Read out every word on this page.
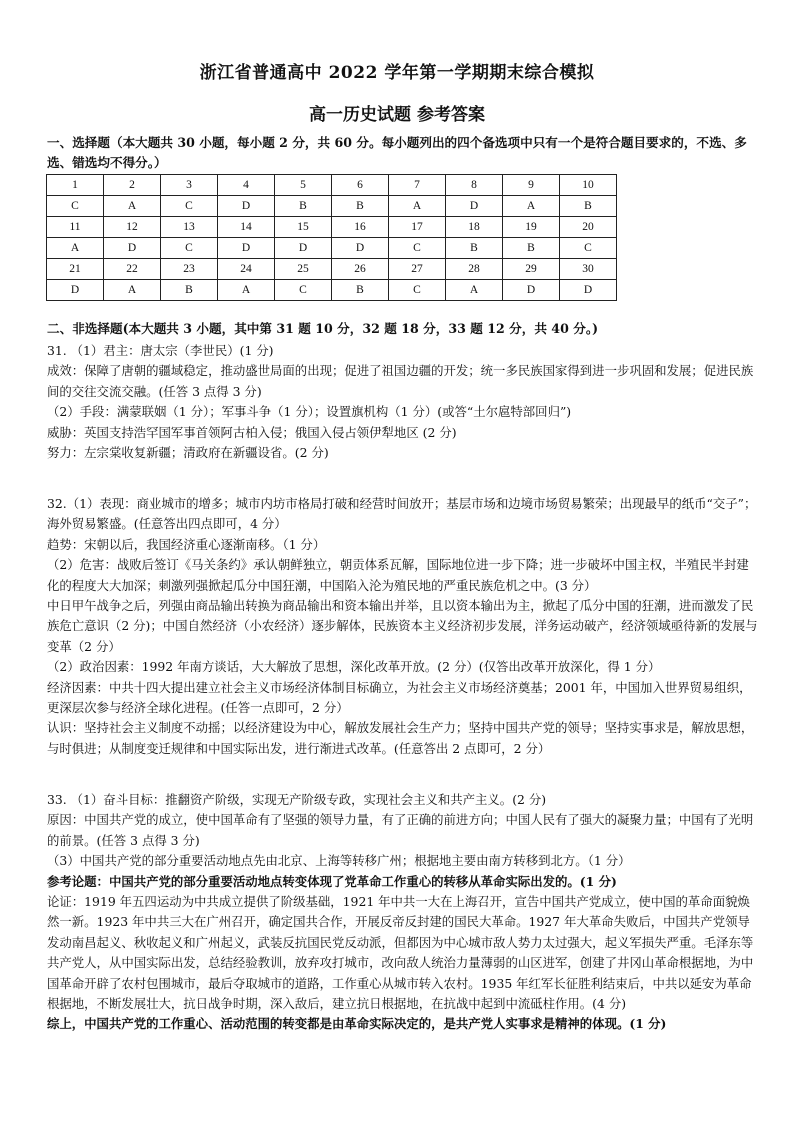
浙江省普通高中 2022 学年第一学期期末综合模拟
高一历史试题 参考答案
一、选择题（本大题共 30 小题，每小题 2 分，共 60 分。每小题列出的四个备选项中只有一个是符合题目要求的，不选、多选、错选均不得分。）
1	2	3	4	5	6	7	8	9	10
C	A	C	D	B	B	A	D	A	B
11	12	13	14	15	16	17	18	19	20
A	D	C	D	D	D	C	B	B	C
21	22	23	24	25	26	27	28	29	30
D	A	B	A	C	B	C	A	D	D
二、非选择题(本大题共 3 小题，其中第 31 题 10 分，32 题 18 分，33 题 12 分，共 40 分。)

31. （1）君主：唐太宗（李世民）(1 分)

成效：保障了唐朝的疆域稳定，推动盛世局面的出现；促进了祖国边疆的开发；统一多民族国家得到进一步巩固和发展；促进民族间的交往交流交融。(任答 3 点得 3 分)

（2）手段：满蒙联姻（1 分）；军事斗争（1 分）；设置旗机构（1 分）(或答“土尔扈特部回归”)

威胁：英国支持浩罕国军事首领阿古柏入侵；俄国入侵占领伊犁地区 (2 分)

努力：左宗棠收复新疆；清政府在新疆设省。(2 分)

32.（1）表现：商业城市的增多；城市内坊市格局打破和经营时间放开；基层市场和边境市场贸易繁荣；出现最早的纸币“交子”；海外贸易繁盛。(任意答出四点即可，4 分）

趋势：宋朝以后，我国经济重心逐渐南移。（1 分）

（2）危害：战败后签订《马关条约》承认朝鲜独立，朝贡体系瓦解，国际地位进一步下降；进一步破坏中国主权，半殖民半封建化的程度大大加深；刺激列强掀起瓜分中国狂潮，中国陷入沦为殖民地的严重民族危机之中。(3 分）

中日甲午战争之后，列强由商品输出转换为商品输出和资本输出并举，且以资本输出为主，掀起了瓜分中国的狂潮，进而激发了民族危亡意识（2 分)；中国自然经济（小农经济）逐步解体，民族资本主义经济初步发展，洋务运动破产，经济领域亟待新的发展与变革（2 分）

（2）政治因素：1992 年南方谈话，大大解放了思想，深化改革开放。(2 分）(仅答出改革开放深化，得 1 分）

经济因素：中共十四大提出建立社会主义市场经济体制目标确立，为社会主义市场经济奠基；2001 年，中国加入世界贸易组织，更深层次参与经济全球化进程。(任答一点即可，2 分）

认识：坚持社会主义制度不动摇；以经济建设为中心，解放发展社会生产力；坚持中国共产党的领导；坚持实事求是，解放思想，与时俱进；从制度变迁规律和中国实际出发，进行渐进式改革。(任意答出 2 点即可，2 分）

33. （1）奋斗目标：推翻资产阶级，实现无产阶级专政，实现社会主义和共产主义。(2 分)

原因：中国共产党的成立，使中国革命有了坚强的领导力量，有了正确的前进方向；中国人民有了强大的凝聚力量；中国有了光明的前景。(任答 3 点得 3 分)

（3）中国共产党的部分重要活动地点先由北京、上海等转移广州；根据地主要由南方转移到北方。（1 分）

参考论题：中国共产党的部分重要活动地点转变体现了党革命工作重心的转移从革命实际出发的。(1 分)

论证：1919 年五四运动为中共成立提供了阶级基础，1921 年中共一大在上海召开，宣告中国共产党成立，使中国的革命面貌焕然一新。1923 年中共三大在广州召开，确定国共合作，开展反帝反封建的国民大革命。1927 年大革命失败后，中国共产党领导发动南昌起义、秋收起义和广州起义，武装反抗国民党反动派，但都因为中心城市敌人势力太过强大，起义军损失严重。毛泽东等共产党人，从中国实际出发，总结经验教训，放弃攻打城市，改向敌人统治力量薄弱的山区进军，创建了井冈山革命根据地，为中国革命开辟了农村包围城市，最后夺取城市的道路，工作重心从城市转入农村。1935 年红军长征胜利结束后，中共以延安为革命根据地，不断发展壮大，抗日战争时期，深入敌后，建立抗日根据地，在抗战中起到中流砥柱作用。(4 分)

综上，中国共产党的工作重心、活动范围的转变都是由革命实际决定的，是共产党人实事求是精神的体现。(1 分)
